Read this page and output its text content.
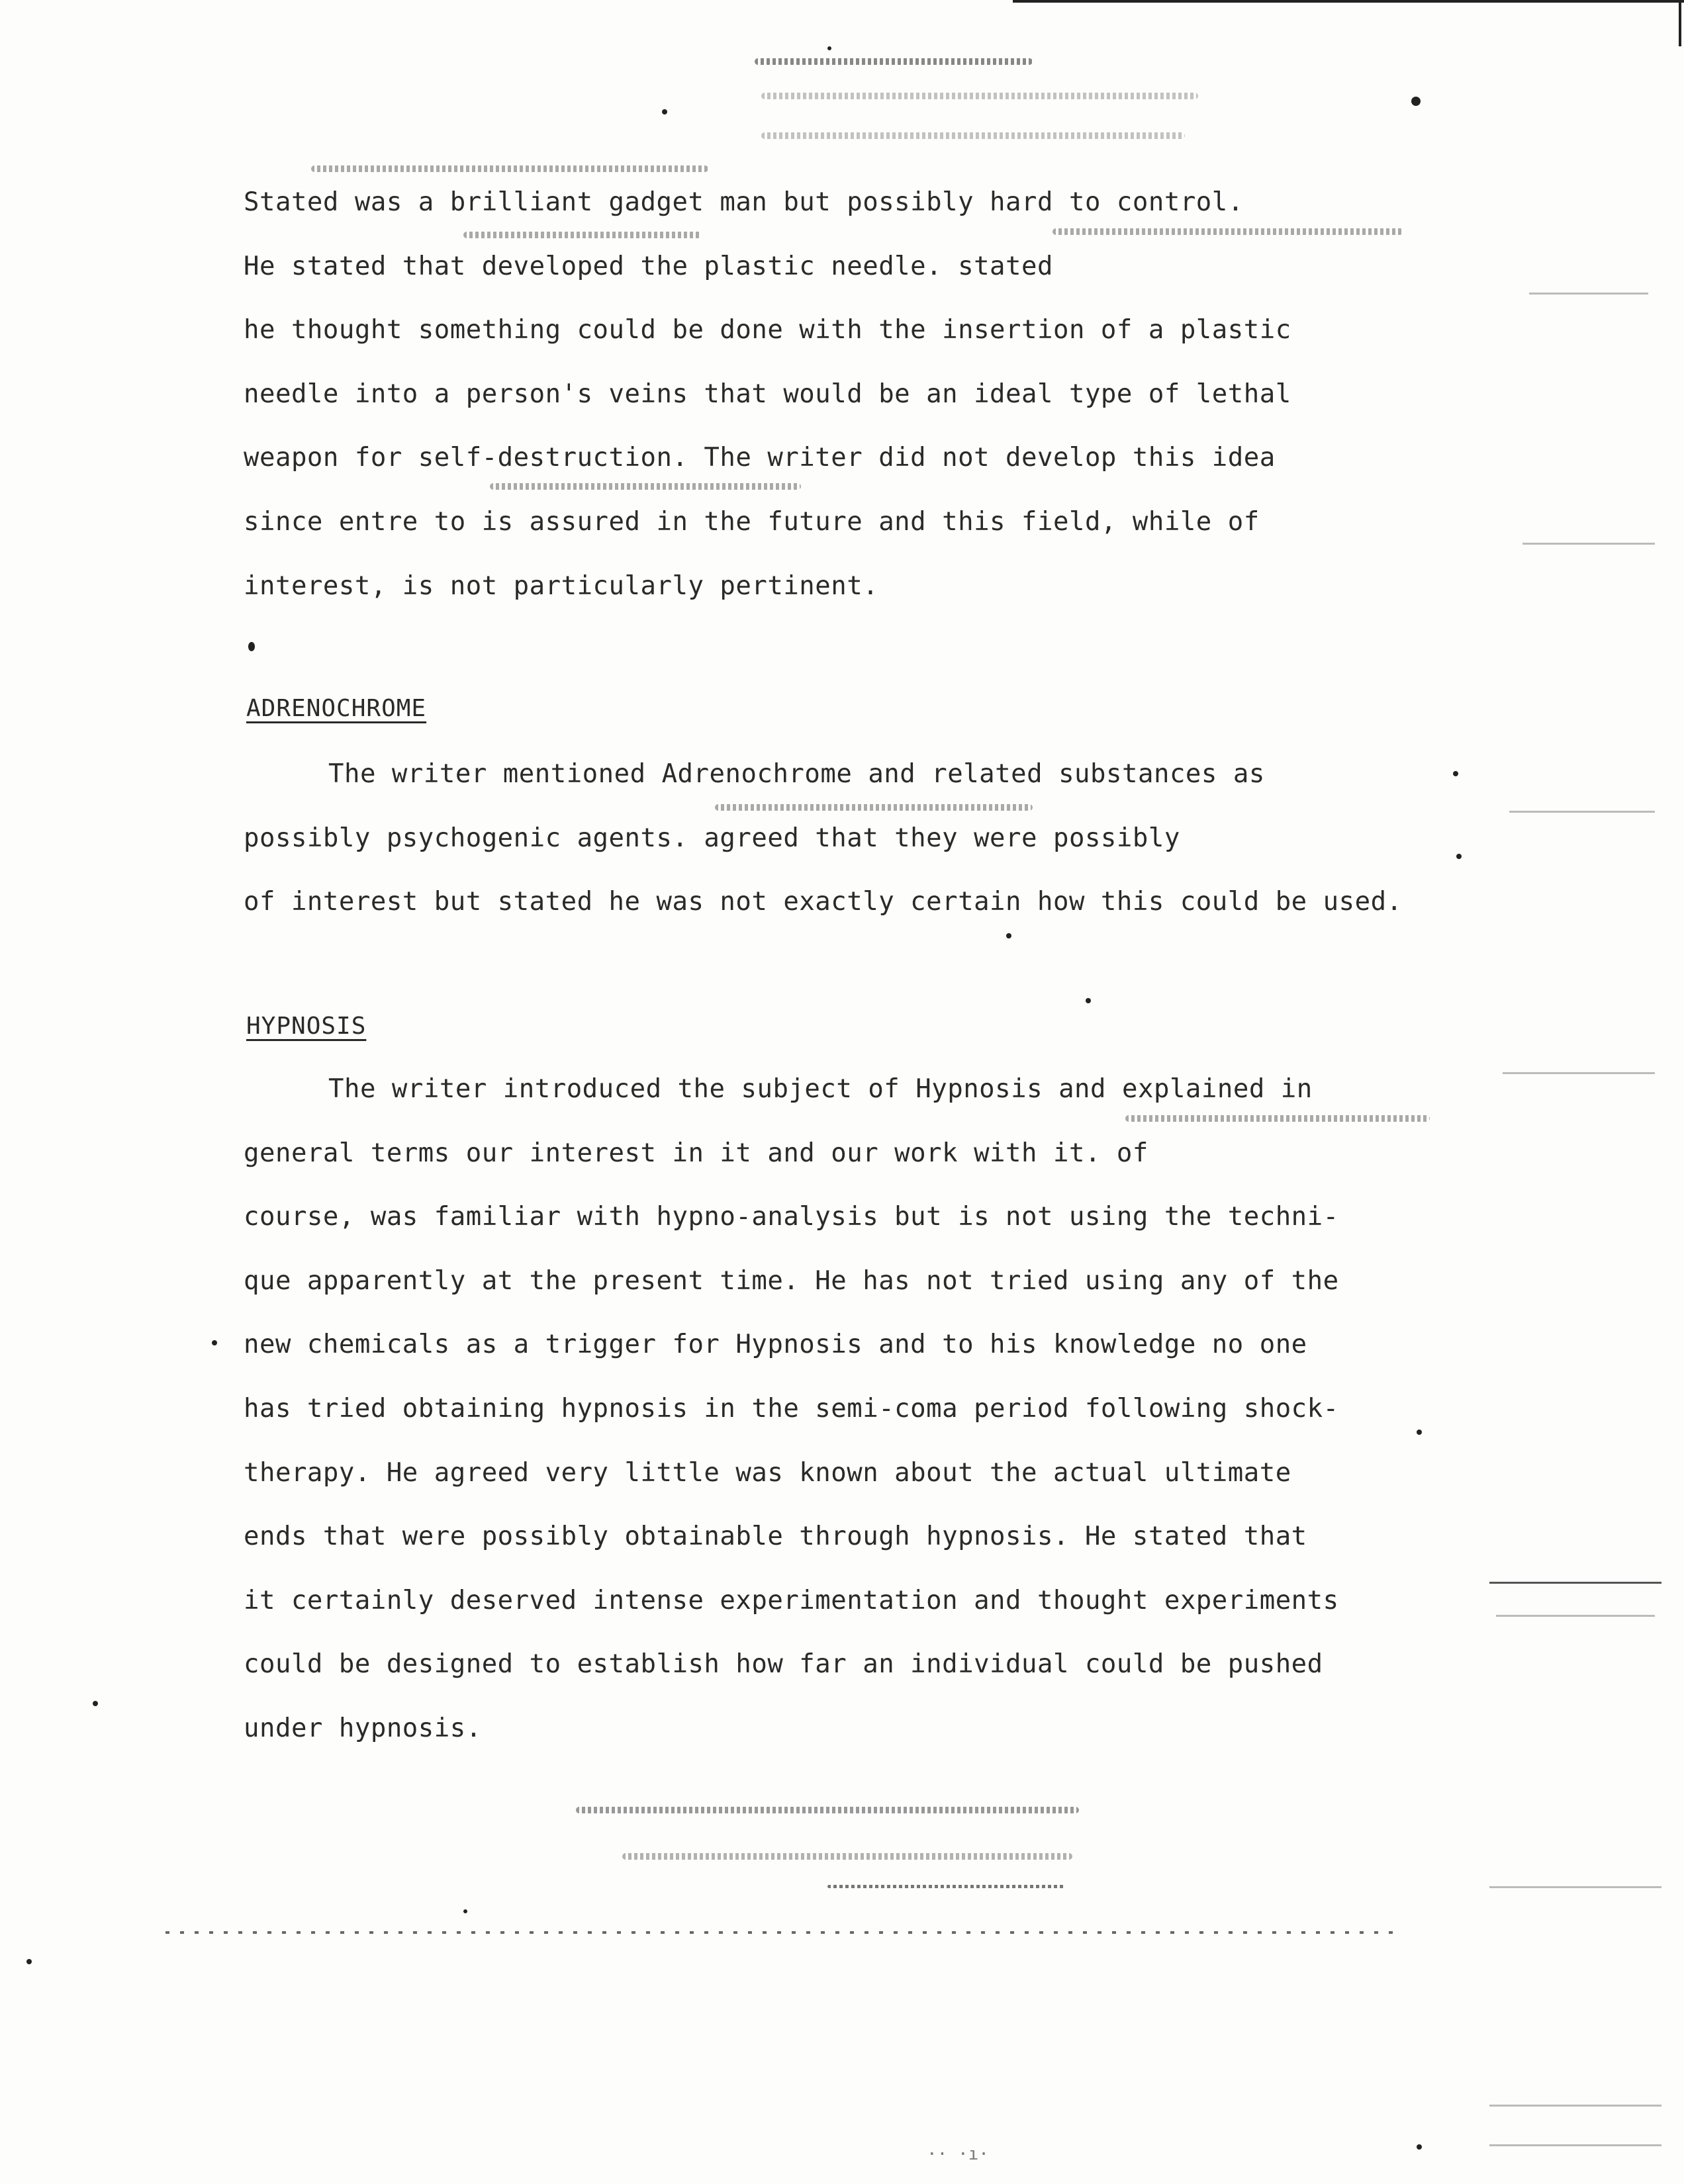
Stated was a brilliant gadget man but possibly hard to control.
He stated that developed the plastic needle. stated
he thought something could be done with the insertion of a plastic
needle into a person's veins that would be an ideal type of lethal
weapon for self-destruction. The writer did not develop this idea
since entre to is assured in the future and this field, while of
interest, is not particularly pertinent.
ADRENOCHROME
The writer mentioned Adrenochrome and related substances as
possibly psychogenic agents. agreed that they were possibly
of interest but stated he was not exactly certain how this could be used.
HYPNOSIS
The writer introduced the subject of Hypnosis and explained in
general terms our interest in it and our work with it. of
course, was familiar with hypno-analysis but is not using the techni-
que apparently at the present time. He has not tried using any of the
new chemicals as a trigger for Hypnosis and to his knowledge no one
has tried obtaining hypnosis in the semi-coma period following shock-
therapy. He agreed very little was known about the actual ultimate
ends that were possibly obtainable through hypnosis. He stated that
it certainly deserved intense experimentation and thought experiments
could be designed to establish how far an individual could be pushed
under hypnosis.
·· ·ı·
